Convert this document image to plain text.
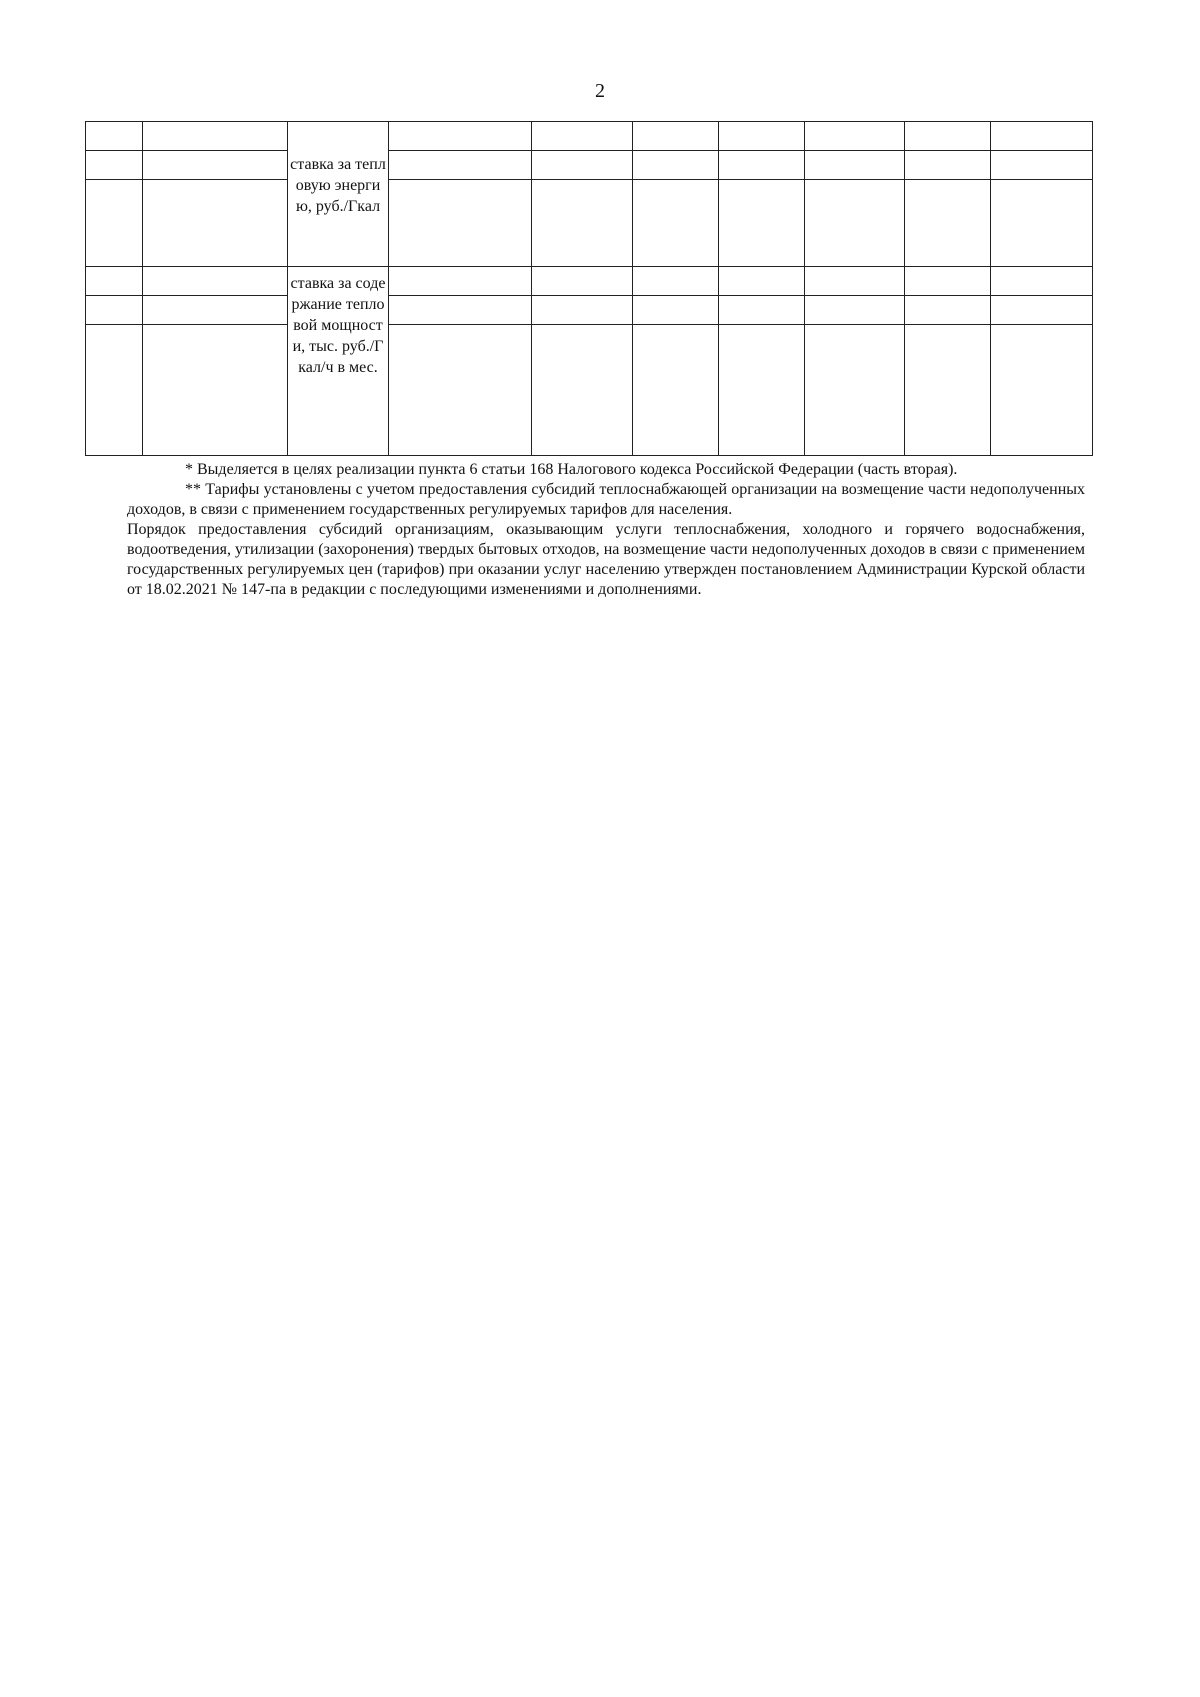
2
		ставка за тепловую энергию, руб./Гкал							

		ставка за содержание тепловой мощности, тыс. руб./Гкал/ч в мес.							

* Выделяется в целях реализации пункта 6 статьи 168 Налогового кодекса Российской Федерации (часть вторая).

** Тарифы установлены с учетом предоставления субсидий теплоснабжающей организации на возмещение части недополученных доходов, в связи с применением государственных регулируемых тарифов для населения.

Порядок предоставления субсидий организациям, оказывающим услуги теплоснабжения, холодного и горячего водоснабжения, водоотведения, утилизации (захоронения) твердых бытовых отходов, на возмещение части недополученных доходов в связи с применением государственных регулируемых цен (тарифов) при оказании услуг населению утвержден постановлением Администрации Курской области от 18.02.2021 № 147-па в редакции с последующими изменениями и дополнениями.
